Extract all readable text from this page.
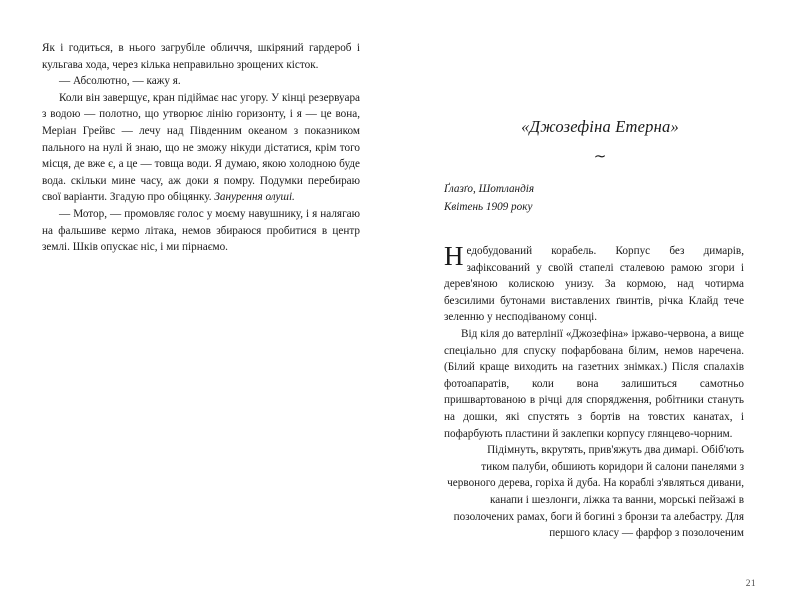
Як і годиться, в нього загрубіле обличчя, шкіряний гардероб і кульгава хода, через кілька неправильно зрощених кісток.

— Абсолютно, — кажу я.

Коли він заверщує, кран підіймає нас угору. У кінці резервуара з водою — полотно, що утворює лінію горизонту, і я — це вона, Меріан Грейвс — лечу над Південним океаном з показником пального на нулі й знаю, що не зможу нікуди дістатися, крім того місця, де вже є, а це — товща води. Я думаю, якою холодною буде вода. скільки мине часу, аж доки я помру. Подумки перебираю свої варіанти. Згадую про обіцянку. Занурення олушi.

— Мотор, — промовляє голос у моєму навушнику, і я налягаю на фальшиве кермо літака, немов збираюся пробитися в центр землі. Шків опускає ніс, і ми пірнаємо.

«Джозефіна Етерна»
∼
Ґлазґо, Шотландія
Квітень 1909 року

Недобудований корабель. Корпус без димарів, зафіксований у своїй стапелі сталевою рамою згори і дерев'яною колискою унизу. За кормою, над чотирма безсилими бутонами виставлених ґвинтів, річка Клайд тече зеленню у несподіваному сонці.

Від кіля до ватерлінії «Джозефіна» іржаво-червона, а вище спеціально для спуску пофарбована білим, немов наречена. (Білий краще виходить на газетних знімках.) Після спалахів фотоапаратів, коли вона залишиться самотньо пришвартованою в річці для спорядження, робітники стануть на дошки, які спустять з бортів на товстих канатах, і пофарбують пластини й заклепки корпусу глянцево-чорним.

Підімнуть, вкрутять, прив'яжуть два димарі. Обіб'ють тиком палуби, обшиють коридори й салони панелями з червоного дерева, горіха й дуба. На кораблі з'являться дивани, канапи і шезлонги, ліжка та ванни, морські пейзажі в позолочених рамах, боги й богині з бронзи та алебастру. Для першого класу — фарфор з позолоченим

21
